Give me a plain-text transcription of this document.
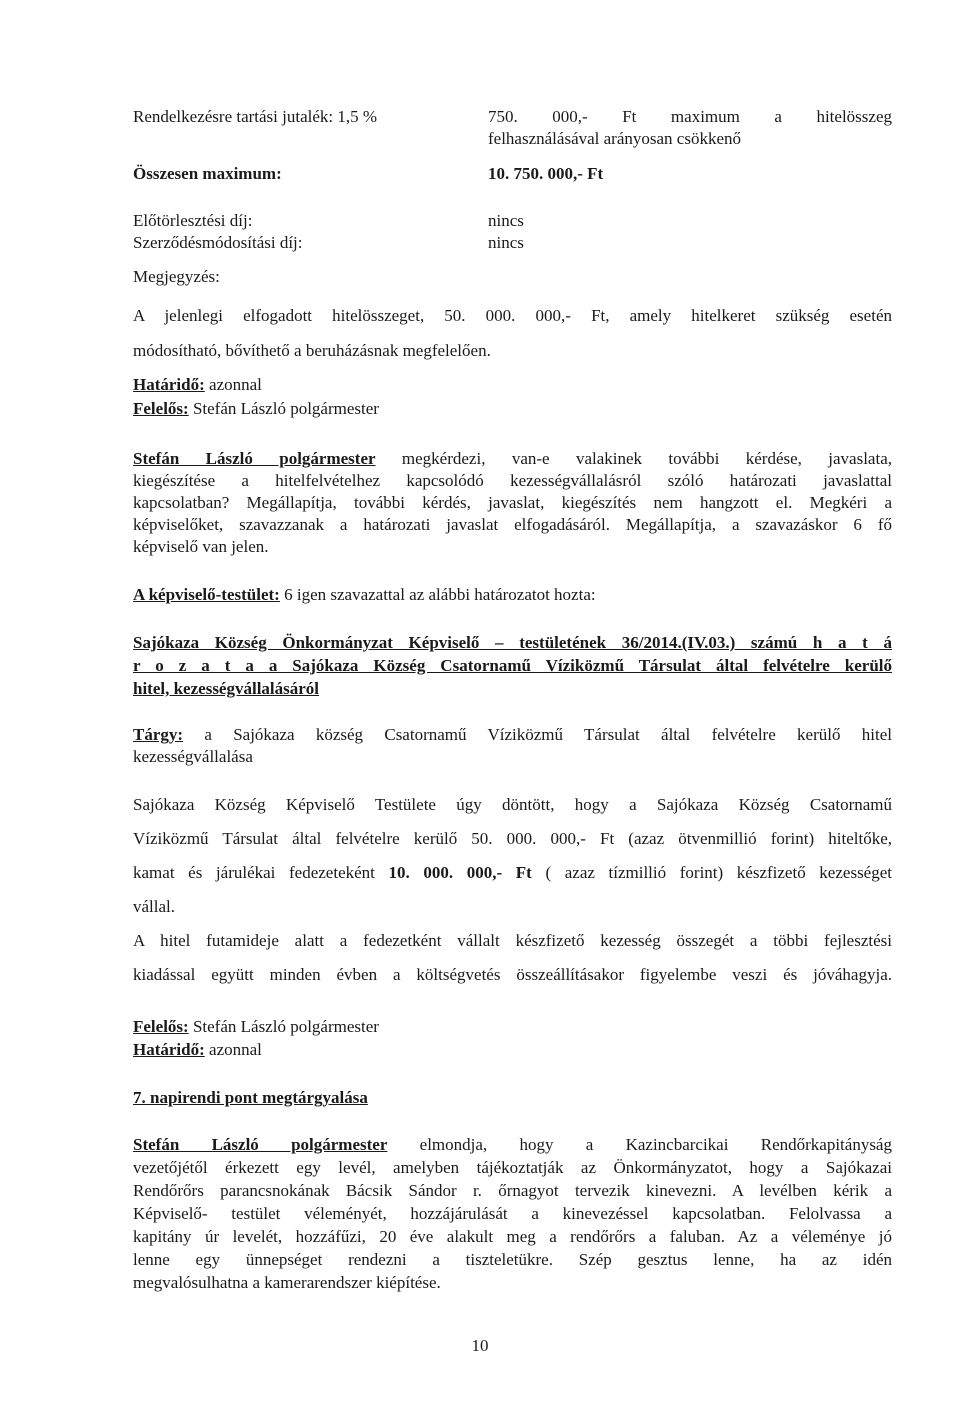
Rendelkezésre tartási jutalék: 1,5 %	750. 000,- Ft maximum a hitelösszeg
felhasználásával arányosan csökkenő
Összesen maximum:	10. 750. 000,- Ft
Előtörlesztési díj:	nincs
Szerződésmódosítási díj:	nincs
Megjegyzés:
A jelenlegi elfogadott hitelösszeget, 50. 000. 000,- Ft, amely hitelkeret szükség esetén
módosítható, bővíthető a beruházásnak megfelelően.
Határidő: azonnal
Felelős: Stefán László polgármester
Stefán László polgármester megkérdezi, van-e valakinek további kérdése, javaslata,
kiegészítése a hitelfelvételhez kapcsolódó kezességvállalásról szóló határozati javaslattal
kapcsolatban? Megállapítja, további kérdés, javaslat, kiegészítés nem hangzott el. Megkéri a
képviselőket, szavazzanak a határozati javaslat elfogadásáról. Megállapítja, a szavazáskor 6 fő
képviselő van jelen.
A képviselő-testület: 6 igen szavazattal az alábbi határozatot hozta:
Sajókaza Község Önkormányzat Képviselő – testületének 36/2014.(IV.03.) számú h a t á
r o z a t a a Sajókaza Község Csatornamű Víziközmű Társulat által felvételre kerülő
hitel, kezességvállalásáról
Tárgy: a Sajókaza község Csatornamű Víziközmű Társulat által felvételre kerülő hitel
kezességvállalása
Sajókaza Község Képviselő Testülete úgy döntött, hogy a Sajókaza Község Csatornamű
Víziközmű Társulat által felvételre kerülő 50. 000. 000,- Ft (azaz ötvenmillió forint) hiteltőke,
kamat és járulékai fedezeteként 10. 000. 000,- Ft ( azaz tízmillió forint) készfizető kezességet
vállal.
A hitel futamideje alatt a fedezetként vállalt készfizető kezesség összegét a többi fejlesztési
kiadással együtt minden évben a költségvetés összeállításakor figyelembe veszi és jóváhagyja.
Felelős: Stefán László polgármester
Határidő: azonnal
7. napirendi pont megtárgyalása
Stefán László polgármester elmondja, hogy a Kazincbarcikai Rendőrkapitányság
vezetőjétől érkezett egy levél, amelyben tájékoztatják az Önkormányzatot, hogy a Sajókazai
Rendőrőrs parancsnokának Bácsik Sándor r. őrnagyot tervezik kinevezni. A levélben kérik a
Képviselő- testület véleményét, hozzájárulását a kinevezéssel kapcsolatban. Felolvassa a
kapitány úr levelét, hozzáfűzi, 20 éve alakult meg a rendőrőrs a faluban. Az a véleménye jó
lenne egy ünnepséget rendezni a tiszteletükre. Szép gesztus lenne, ha az idén
megvalósulhatna a kamerarendszer kiépítése.
10
